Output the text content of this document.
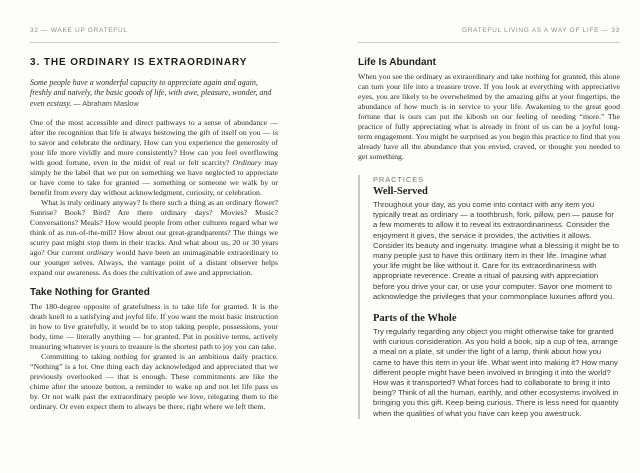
32 — WAKE UP GRATEFUL
3. THE ORDINARY IS EXTRAORDINARY

Some people have a wonderful capacity to appreciate again and again, freshly and naively, the basic goods of life, with awe, pleasure, wonder, and even ecstasy. — Abraham Maslow

One of the most accessible and direct pathways to a sense of abundance — after the recognition that life is always bestowing the gift of itself on you — is to savor and celebrate the ordinary. How can you experience the generosity of your life more vividly and more consistently? How can you feel overflowing with good fortune, even in the midst of real or felt scarcity? Ordinary may simply be the label that we put on something we have neglected to appreciate or have come to take for granted — something or someone we walk by or benefit from every day without acknowledgment, curiosity, or celebration.

What is truly ordinary anyway? Is there such a thing as an ordinary flower? Sunrise? Book? Bird? Are there ordinary days? Movies? Music? Conversations? Meals? How would people from other cultures regard what we think of as run-of-the-mill? How about our great-grandparents? The things we scurry past might stop them in their tracks. And what about us, 20 or 30 years ago? Our current ordinary would have been an unimaginable extraordinary to our younger selves. Always, the vantage point of a distant observer helps expand our awareness. As does the cultivation of awe and appreciation.

Take Nothing for Granted

The 180-degree opposite of gratefulness is to take life for granted. It is the death knell to a satisfying and joyful life. If you want the most basic instruction in how to live gratefully, it would be to stop taking people, possessions, your body, time — literally anything — for granted. Put in positive terms, actively treasuring whatever is yours to treasure is the shortest path to joy you can take.

Committing to taking nothing for granted is an ambitious daily practice. “Nothing” is a lot. One thing each day acknowledged and appreciated that we previously overlooked — that is enough. These commitments are like the chime after the snooze button, a reminder to wake up and not let life pass us by. Or not walk past the extraordinary people we love, relegating them to the ordinary. Or even expect them to always be there, right where we left them.

GRATEFUL LIVING AS A WAY OF LIFE — 33
Life Is Abundant

When you see the ordinary as extraordinary and take nothing for granted, this alone can turn your life into a treasure trove. If you look at everything with appreciative eyes, you are likely to be overwhelmed by the amazing gifts at your fingertips, the abundance of how much is in service to your life. Awakening to the great good fortune that is ours can put the kibosh on our feeling of needing “more.” The practice of fully appreciating what is already in front of us can be a joyful long-term engagement. You might be surprised as you begin this practice to find that you already have all the abundance that you envied, craved, or thought you needed to get something.

PRACTICES
Well-Served

Throughout your day, as you come into contact with any item you typically treat as ordinary — a toothbrush, fork, pillow, pen — pause for a few moments to allow it to reveal its extraordinariness. Consider the enjoyment it gives, the service it provides, the activities it allows. Consider its beauty and ingenuity. Imagine what a blessing it might be to many people just to have this ordinary item in their life. Imagine what your life might be like without it. Care for its extraordinariness with appropriate reverence. Create a ritual of pausing with appreciation before you drive your car, or use your computer. Savor one moment to acknowledge the privileges that your commonplace luxuries afford you.

Parts of the Whole

Try regularly regarding any object you might otherwise take for granted with curious consideration. As you hold a book, sip a cup of tea, arrange a meal on a plate, sit under the light of a lamp, think about how you came to have this item in your life. What went into making it? How many different people might have been involved in bringing it into the world? How was it transported? What forces had to collaborate to bring it into being? Think of all the human, earthly, and other ecosystems involved in bringing you this gift. Keep being curious. There is less need for quantity when the qualities of what you have can keep you awestruck.
